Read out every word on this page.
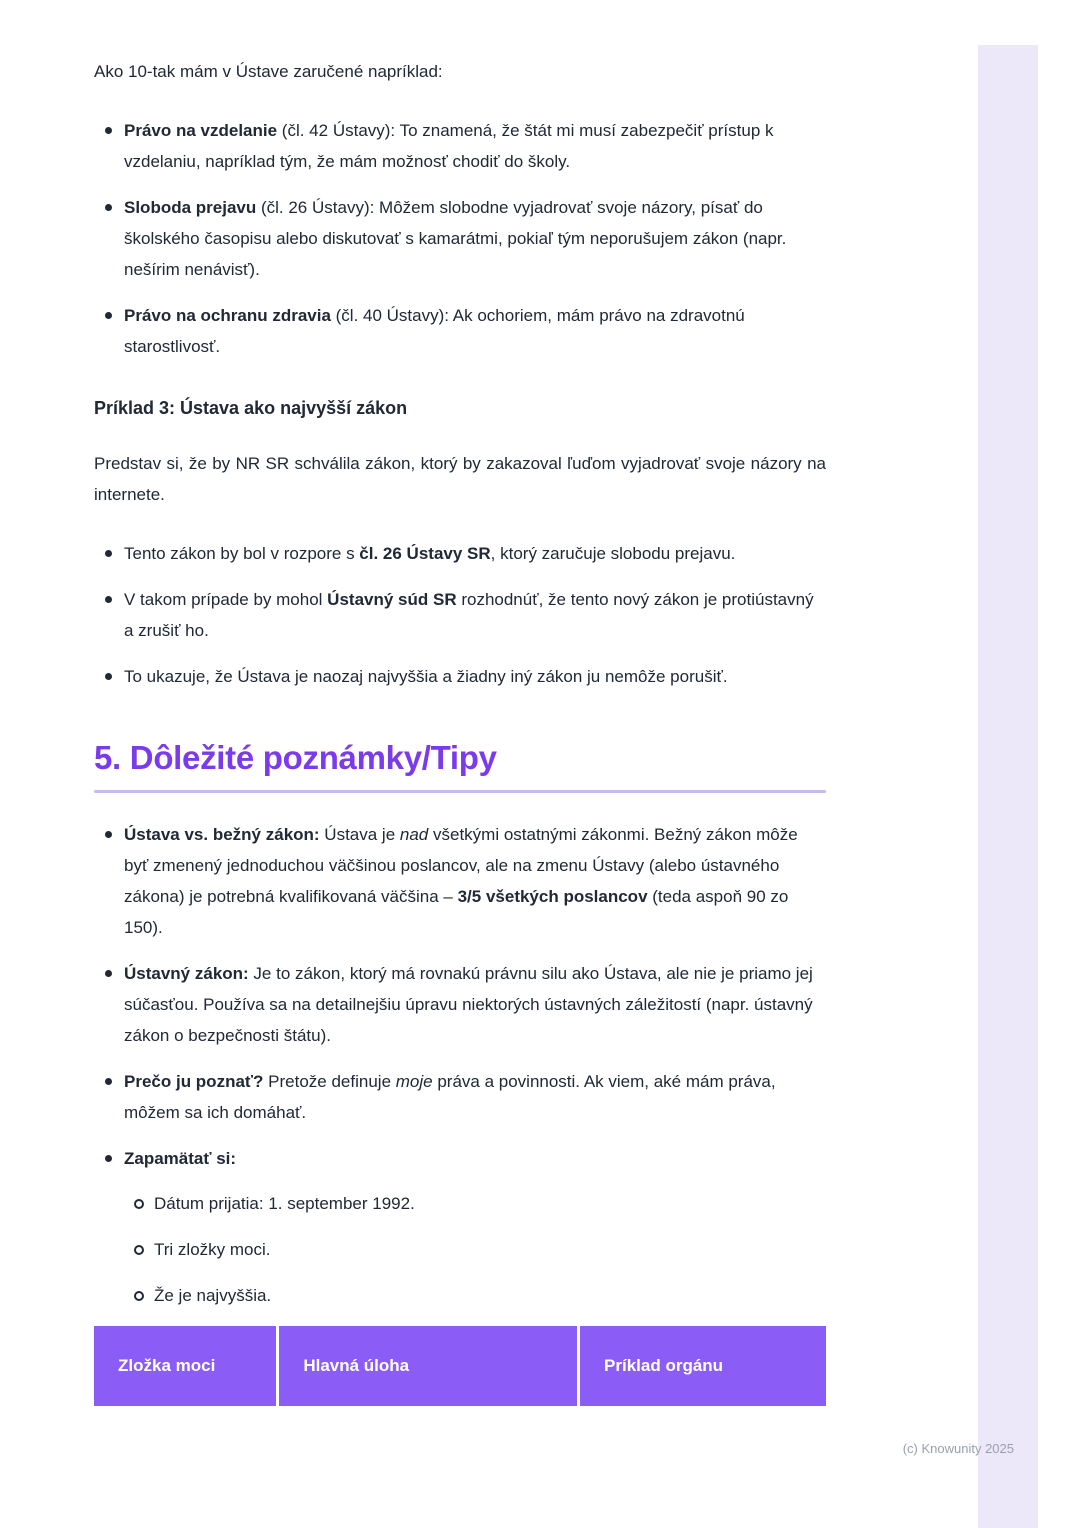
Ako 10-tak mám v Ústave zaručené napríklad:

Právo na vzdelanie (čl. 42 Ústavy): To znamená, že štát mi musí zabezpečiť prístup k vzdelaniu, napríklad tým, že mám možnosť chodiť do školy.
Sloboda prejavu (čl. 26 Ústavy): Môžem slobodne vyjadrovať svoje názory, písať do školského časopisu alebo diskutovať s kamarátmi, pokiaľ tým neporušujem zákon (napr. nešírim nenávisť).
Právo na ochranu zdravia (čl. 40 Ústavy): Ak ochoriem, mám právo na zdravotnú starostlivosť.
Príklad 3: Ústava ako najvyšší zákon

Predstav si, že by NR SR schválila zákon, ktorý by zakazoval ľuďom vyjadrovať svoje názory na internete.

Tento zákon by bol v rozpore s čl. 26 Ústavy SR, ktorý zaručuje slobodu prejavu.
V takom prípade by mohol Ústavný súd SR rozhodnúť, že tento nový zákon je protiústavný a zrušiť ho.
To ukazuje, že Ústava je naozaj najvyššia a žiadny iný zákon ju nemôže porušiť.
5. Dôležité poznámky/Tipy
Ústava vs. bežný zákon: Ústava je nad všetkými ostatnými zákonmi. Bežný zákon môže byť zmenený jednoduchou väčšinou poslancov, ale na zmenu Ústavy (alebo ústavného zákona) je potrebná kvalifikovaná väčšina – 3/5 všetkých poslancov (teda aspoň 90 zo 150).
Ústavný zákon: Je to zákon, ktorý má rovnakú právnu silu ako Ústava, ale nie je priamo jej súčasťou. Používa sa na detailnejšiu úpravu niektorých ústavných záležitostí (napr. ústavný zákon o bezpečnosti štátu).
Prečo ju poznať? Pretože definuje moje práva a povinnosti. Ak viem, aké mám práva, môžem sa ich domáhať.
Zapamätať si:
Dátum prijatia: 1. september 1992.
Tri zložky moci.
Že je najvyššia.
Zložka moci	Hlavná úloha	Príklad orgánu
(c) Knowunity 2025
